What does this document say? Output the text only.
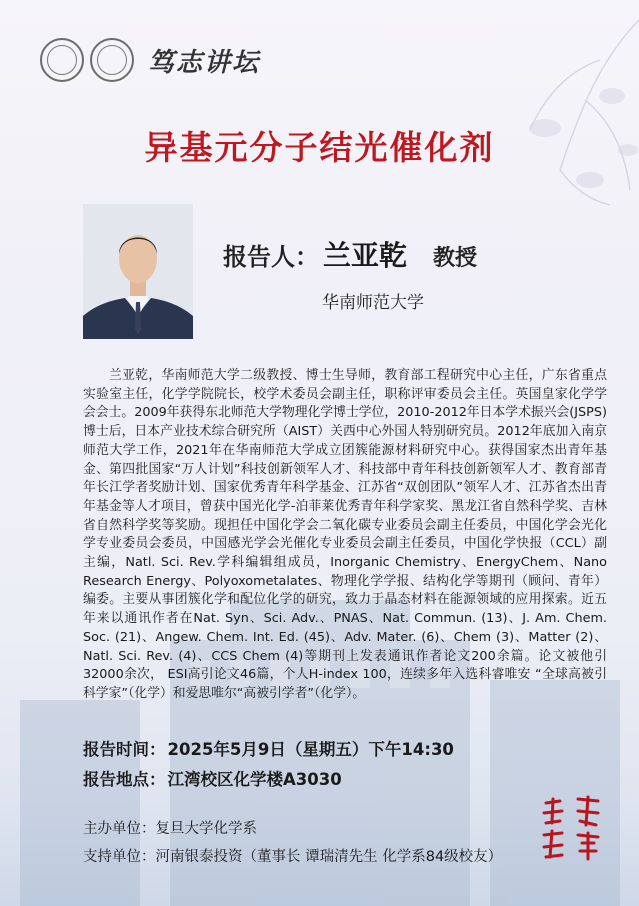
笃志讲坛
异基元分子结光催化剂
报告人： 兰亚乾 教授
华南师范大学

兰亚乾，华南师范大学二级教授、博士生导师，教育部工程研究中心主任，广东省重点实验室主任，化学学院院长，校学术委员会副主任，职称评审委员会主任。英国皇家化学学会会士。2009年获得东北师范大学物理化学博士学位，2010-2012年日本学术振兴会(JSPS)博士后，日本产业技术综合研究所（AIST）关西中心外国人特别研究员。2012年底加入南京师范大学工作，2021年在华南师范大学成立团簇能源材料研究中心。获得国家杰出青年基金、第四批国家“万人计划”科技创新领军人才、科技部中青年科技创新领军人才、教育部青年长江学者奖励计划、国家优秀青年科学基金、江苏省“双创团队”领军人才、江苏省杰出青年基金等人才项目，曾获中国光化学-泊菲莱优秀青年科学家奖、黑龙江省自然科学奖、吉林省自然科学奖等奖励。现担任中国化学会二氧化碳专业委员会副主任委员，中国化学会光化学专业委员会委员，中国感光学会光催化专业委员会副主任委员，中国化学快报（CCL）副主编，Natl. Sci. Rev.学科编辑组成员，Inorganic Chemistry、EnergyChem、Nano Research Energy、Polyoxometalates、物理化学学报、结构化学等期刊（顾问、青年）编委。主要从事团簇化学和配位化学的研究，致力于晶态材料在能源领域的应用探索。近五年来以通讯作者在Nat. Syn、Sci. Adv.、PNAS、Nat. Commun. (13)、J. Am. Chem. Soc. (21)、Angew. Chem. Int. Ed. (45)、Adv. Mater. (6)、Chem (3)、Matter (2)、Natl. Sci. Rev. (4)、CCS Chem (4)等期刊上发表通讯作者论文200余篇。论文被他引32000余次， ESI高引论文46篇，个人H-index 100，连续多年入选科睿唯安 “全球高被引科学家”（化学）和爱思唯尔“高被引学者”（化学）。

报告时间： 2025年5月9日（星期五）下午14:30
报告地点： 江湾校区化学楼A3030
主办单位：复旦大学化学系
支持单位：河南银泰投资（董事长 谭瑞清先生 化学系84级校友）
